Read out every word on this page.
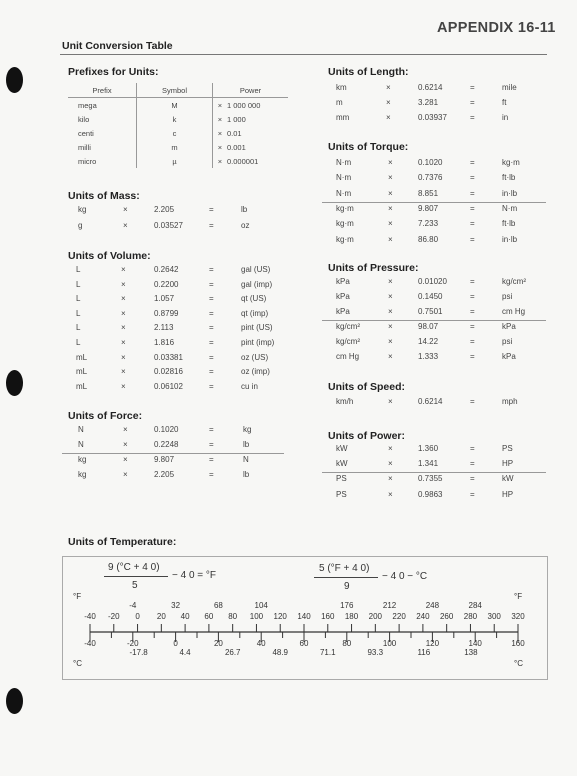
APPENDIX 16-11
Unit Conversion Table
Prefixes for Units:
Prefix	Symbol	Power	
mega	M	×	1 000 000
kilo	k	×	1 000
centi	c	×	0.01
milli	m	×	0.001
micro	µ	×	0.000001
Units of Mass:
kg	×	2.205	=	lb
g	×	0.03527	=	oz
Units of Volume:
L	×	0.2642	=	gal (US)
L	×	0.2200	=	gal (imp)
L	×	1.057	=	qt (US)
L	×	0.8799	=	qt (imp)
L	×	2.113	=	pint (US)
L	×	1.816	=	pint (imp)
mL	×	0.03381	=	oz (US)
mL	×	0.02816	=	oz (imp)
mL	×	0.06102	=	cu in
Units of Force:
N	×	0.1020	=	kg
N	×	0.2248	=	lb
kg	×	9.807	=	N
kg	×	2.205	=	lb
Units of Length:
km	×	0.6214	=	mile
m	×	3.281	=	ft
mm	×	0.03937	=	in
Units of Torque:
N·m	×	0.1020	=	kg·m
N·m	×	0.7376	=	ft·lb
N·m	×	8.851	=	in·lb
kg·m	×	9.807	=	N·m
kg·m	×	7.233	=	ft·lb
kg·m	×	86.80	=	in·lb
Units of Pressure:
kPa	×	0.01020	=	kg/cm²
kPa	×	0.1450	=	psi
kPa	×	0.7501	=	cm Hg
kg/cm²	×	98.07	=	kPa
kg/cm²	×	14.22	=	psi
cm Hg	×	1.333	=	kPa
Units of Speed:
km/h	×	0.6214	=	mph
Units of Power:
kW	×	1.360	=	PS
kW	×	1.341	=	HP
PS	×	0.7355	=	kW
PS	×	0.9863	=	HP
Units of Temperature:
9 (°C + 4 0)
5
− 4 0 = °F
5 (°F + 4 0)
9
− 4 0 − °C
°F	°F
°C	°C
-4	32	68	104	176	212	248	284
-40 -20	0	20	40	60	80	100 120 140 160 180 200 220 240 260 280 300 320
-40	-20	0	20	40	60	80	100	120	140	160
-17.8	4.4	26.7	48.9	71.1	93.3	116	138
